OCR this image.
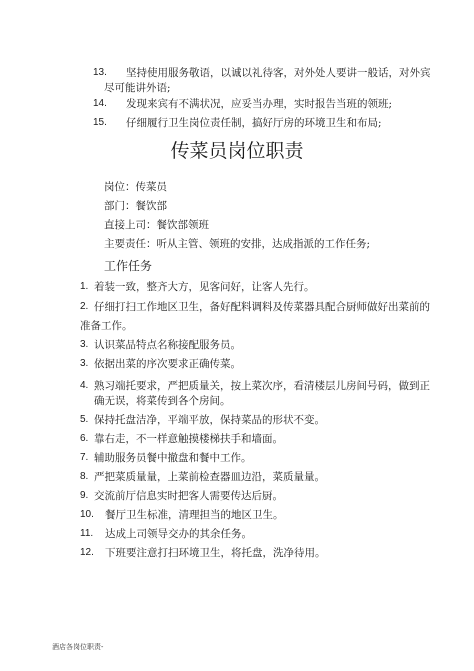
13. 坚持使用服务敬语，以诚以礼待客，对外处人要讲一般话，对外宾
尽可能讲外语;
14. 发现来宾有不满状况，应妥当办理，实时报告当班的领班;
15. 仔细履行卫生岗位责任制，搞好厅房的环境卫生和布局;
传菜员岗位职责
岗位：传菜员
部门：餐饮部
直接上司：餐饮部领班
主要责任：听从主管、领班的安排，达成指派的工作任务;
工作任务
1. 着装一致，整齐大方，见客问好，让客人先行。
2. 仔细打扫工作地区卫生，备好配料调料及传菜器具配合厨师做好出菜前的
准备工作。
3. 认识菜品特点名称接配服务员。
3. 依据出菜的序次要求正确传菜。
4. 熟习端托要求，严把质量关，按上菜次序，看清楼层儿房间号码，做到正
确无误，将菜传到各个房间。
5. 保持托盘洁净，平端平放，保持菜品的形状不变。
6. 靠右走，不一样意触摸楼梯扶手和墙面。
7. 辅助服务员餐中撤盘和餐中工作。
8. 严把菜质量量，上菜前检查器皿边沿，菜质量量。
9. 交流前厅信息实时把客人需要传达后厨。
10. 餐厅卫生标准，清理担当的地区卫生。
11. 达成上司领导交办的其余任务。
12. 下班要注意打扫环境卫生，将托盘，洗净待用。
酒店各岗位职责-
